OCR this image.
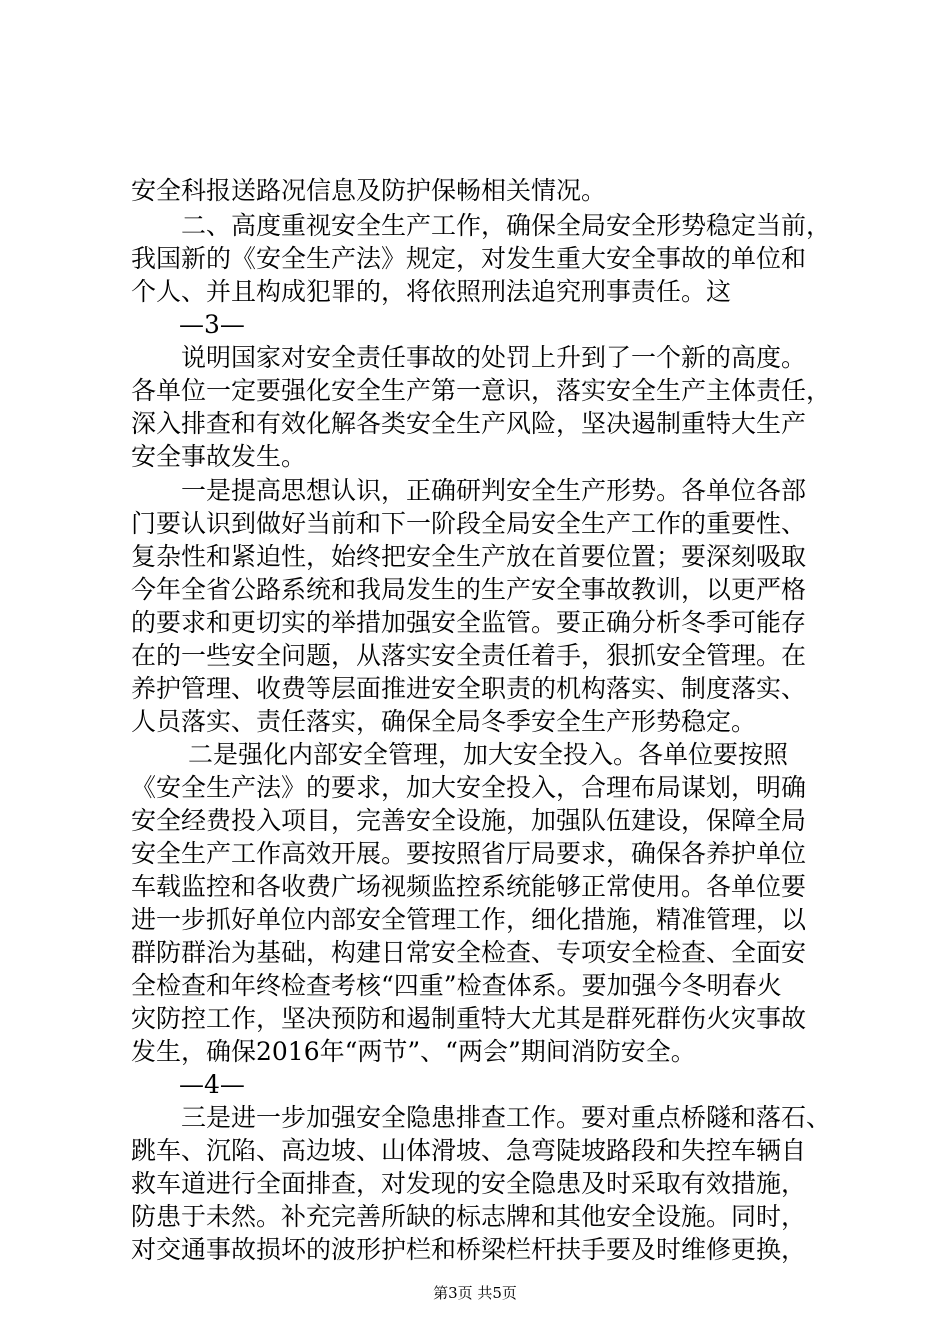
安全科报送路况信息及防护保畅相关情况。
二、高度重视安全生产工作，确保全局安全形势稳定当前，
我国新的《安全生产法》规定，对发生重大安全事故的单位和
个人、并且构成犯罪的，将依照刑法追究刑事责任。这
—3—
说明国家对安全责任事故的处罚上升到了一个新的高度。
各单位一定要强化安全生产第一意识，落实安全生产主体责任，
深入排查和有效化解各类安全生产风险，坚决遏制重特大生产
安全事故发生。
一是提高思想认识，正确研判安全生产形势。各单位各部
门要认识到做好当前和下一阶段全局安全生产工作的重要性、
复杂性和紧迫性，始终把安全生产放在首要位置；要深刻吸取
今年全省公路系统和我局发生的生产安全事故教训，以更严格
的要求和更切实的举措加强安全监管。要正确分析冬季可能存
在的一些安全问题，从落实安全责任着手，狠抓安全管理。在
养护管理、收费等层面推进安全职责的机构落实、制度落实、
人员落实、责任落实，确保全局冬季安全生产形势稳定。
二是强化内部安全管理，加大安全投入。各单位要按照
《安全生产法》的要求，加大安全投入，合理布局谋划，明确
安全经费投入项目，完善安全设施，加强队伍建设，保障全局
安全生产工作高效开展。要按照省厅局要求，确保各养护单位
车载监控和各收费广场视频监控系统能够正常使用。各单位要
进一步抓好单位内部安全管理工作，细化措施，精准管理，以
群防群治为基础，构建日常安全检查、专项安全检查、全面安
全检查和年终检查考核“四重”检查体系。要加强今冬明春火
灾防控工作，坚决预防和遏制重特大尤其是群死群伤火灾事故
发生，确保2016年“两节”、“两会”期间消防安全。
—4—
三是进一步加强安全隐患排查工作。要对重点桥隧和落石、
跳车、沉陷、高边坡、山体滑坡、急弯陡坡路段和失控车辆自
救车道进行全面排查，对发现的安全隐患及时采取有效措施，
防患于未然。补充完善所缺的标志牌和其他安全设施。同时，
对交通事故损坏的波形护栏和桥梁栏杆扶手要及时维修更换，
第3页 共5页
